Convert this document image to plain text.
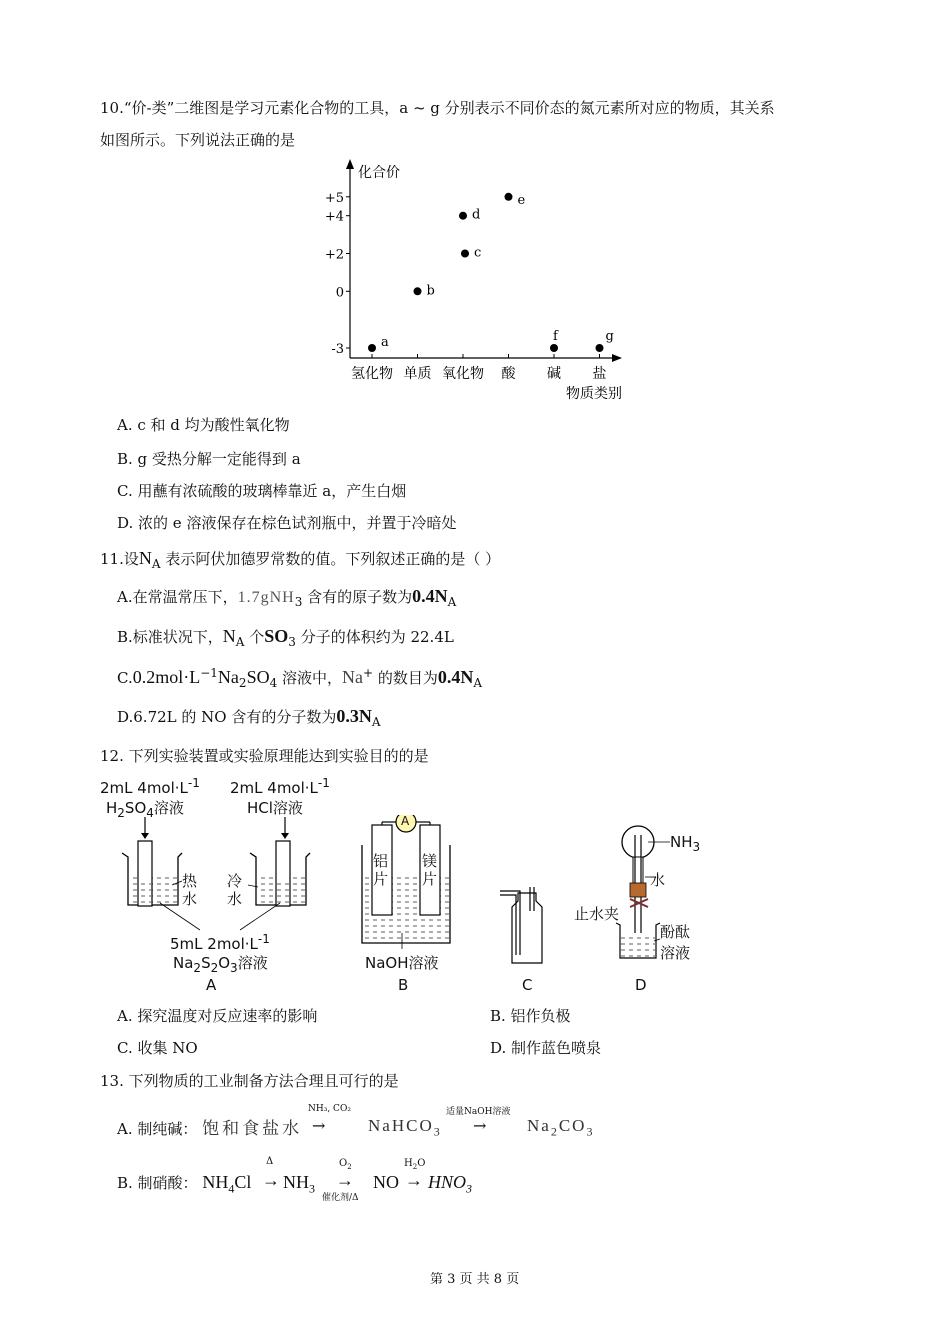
10.“价-类”二维图是学习元素化合物的工具，a ~ g 分别表示不同价态的氮元素所对应的物质，其关系
如图所示。下列说法正确的是
化合价
+5
+4
+2
0
-3
氢化物 单质 氧化物 酸 碱 盐
物质类别
a
b
c
d
e
f	g
A. c 和 d 均为酸性氧化物
B. g 受热分解一定能得到 a
C. 用蘸有浓硫酸的玻璃棒靠近 a，产生白烟
D. 浓的 e 溶液保存在棕色试剂瓶中，并置于冷暗处
11.设$N_A$ 表示阿伏加德罗常数的值。下列叙述正确的是（ ）
A.在常温常压下，1.7gNH$_3$ 含有的原子数为$0.4N_A$
B.标准状况下，$N_A$ 个$SO_3$ 分子的体积约为 22.4L
$C.0.2mol\cdot L^{-1}Na_2SO_4$ 溶液中，Na+ 的数目为$0.4N_A$
D.6.72L 的 NO 含有的分子数为$0.3N_A$
12. 下列实验装置或实验原理能达到实验目的的是
2mL $4mol\cdot L^{-1}$
$H_2SO_4$溶液
2mL $4mol\cdot L^{-1}$
HCl溶液
热水
冷水
5mL $2mol\cdot L^{-1}$
$Na_2S_2O_3$溶液
A
铝片
镁片
NaOH溶液
$NH_3$
水
止水夹
酚酞
溶液
A	B	C	D
A. 探究温度对反应速率的影响	B. 铝作负极
C. 收集 NO	D. 制作蓝色喷泉
13. 下列物质的工业制备方法合理且可行的是
A. 制纯碱： 饱和食盐水
NH₃, CO₂
→	NaHCO$_3$
适量NaOH溶液
→ $Na_2CO_3$
B. 制硝酸： $NH_4Cl$
Δ
→ $NH_3$
$O_2$
→
催化剂/Δ
NO
$H_2O$
→ $HNO_3$
第 3 页 共 8 页
